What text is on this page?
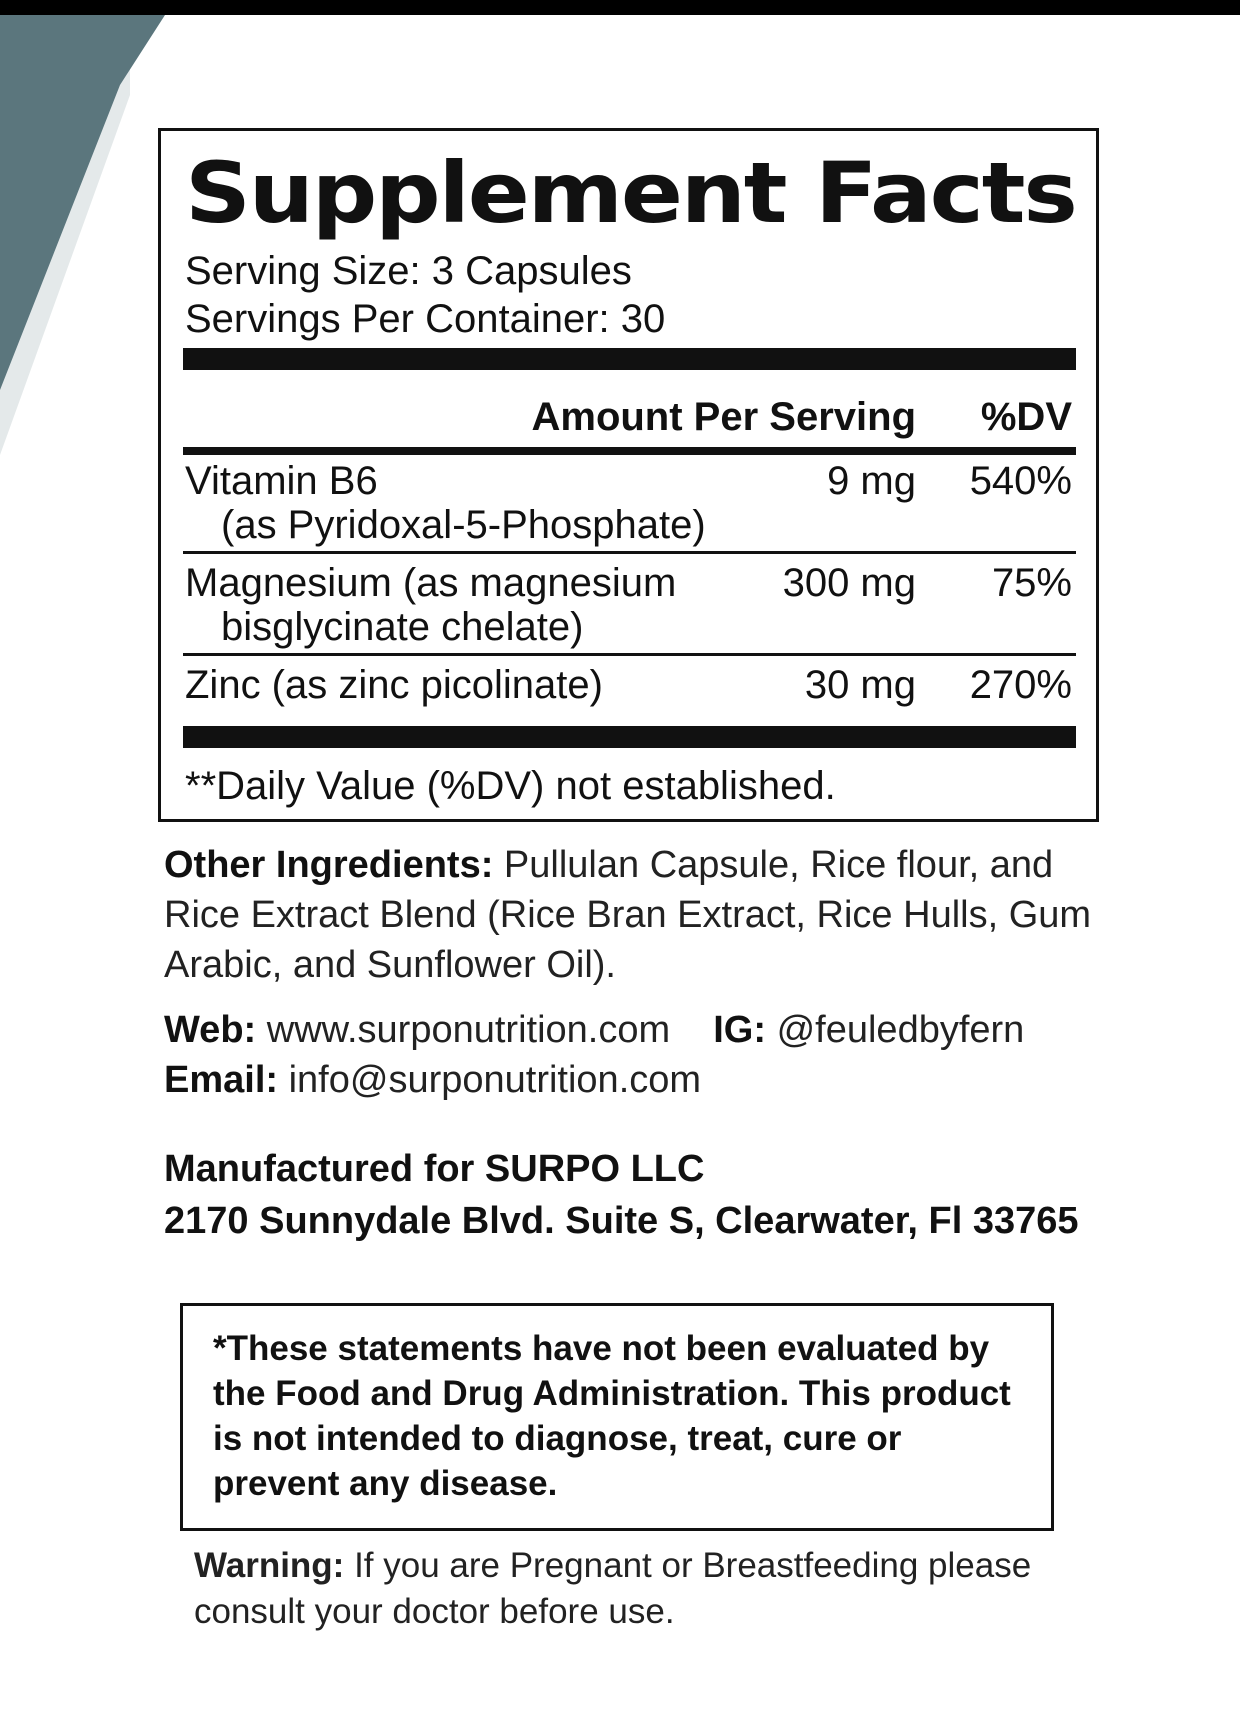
Supplement Facts
Serving Size: 3 Capsules
Servings Per Container: 30
Amount Per Serving %DV
Vitamin B6
(as Pyridoxal-5-Phosphate)
9 mg 540%
Magnesium (as magnesium
bisglycinate chelate)
300 mg 75%
Zinc (as zinc picolinate)	30 mg 270%
**Daily Value (%DV) not established.
Other Ingredients: Pullulan Capsule, Rice flour, and Rice Extract Blend (Rice Bran Extract, Rice Hulls, Gum Arabic, and Sunflower Oil).
Web: www.surponutrition.com IG: @feuledbyfern
Email: info@surponutrition.com
Manufactured for SURPO LLC
2170 Sunnydale Blvd. Suite S, Clearwater, Fl 33765
*These statements have not been evaluated by the Food and Drug Administration. This product is not intended to diagnose, treat, cure or prevent any disease.
Warning: If you are Pregnant or Breastfeeding please consult your doctor before use.
